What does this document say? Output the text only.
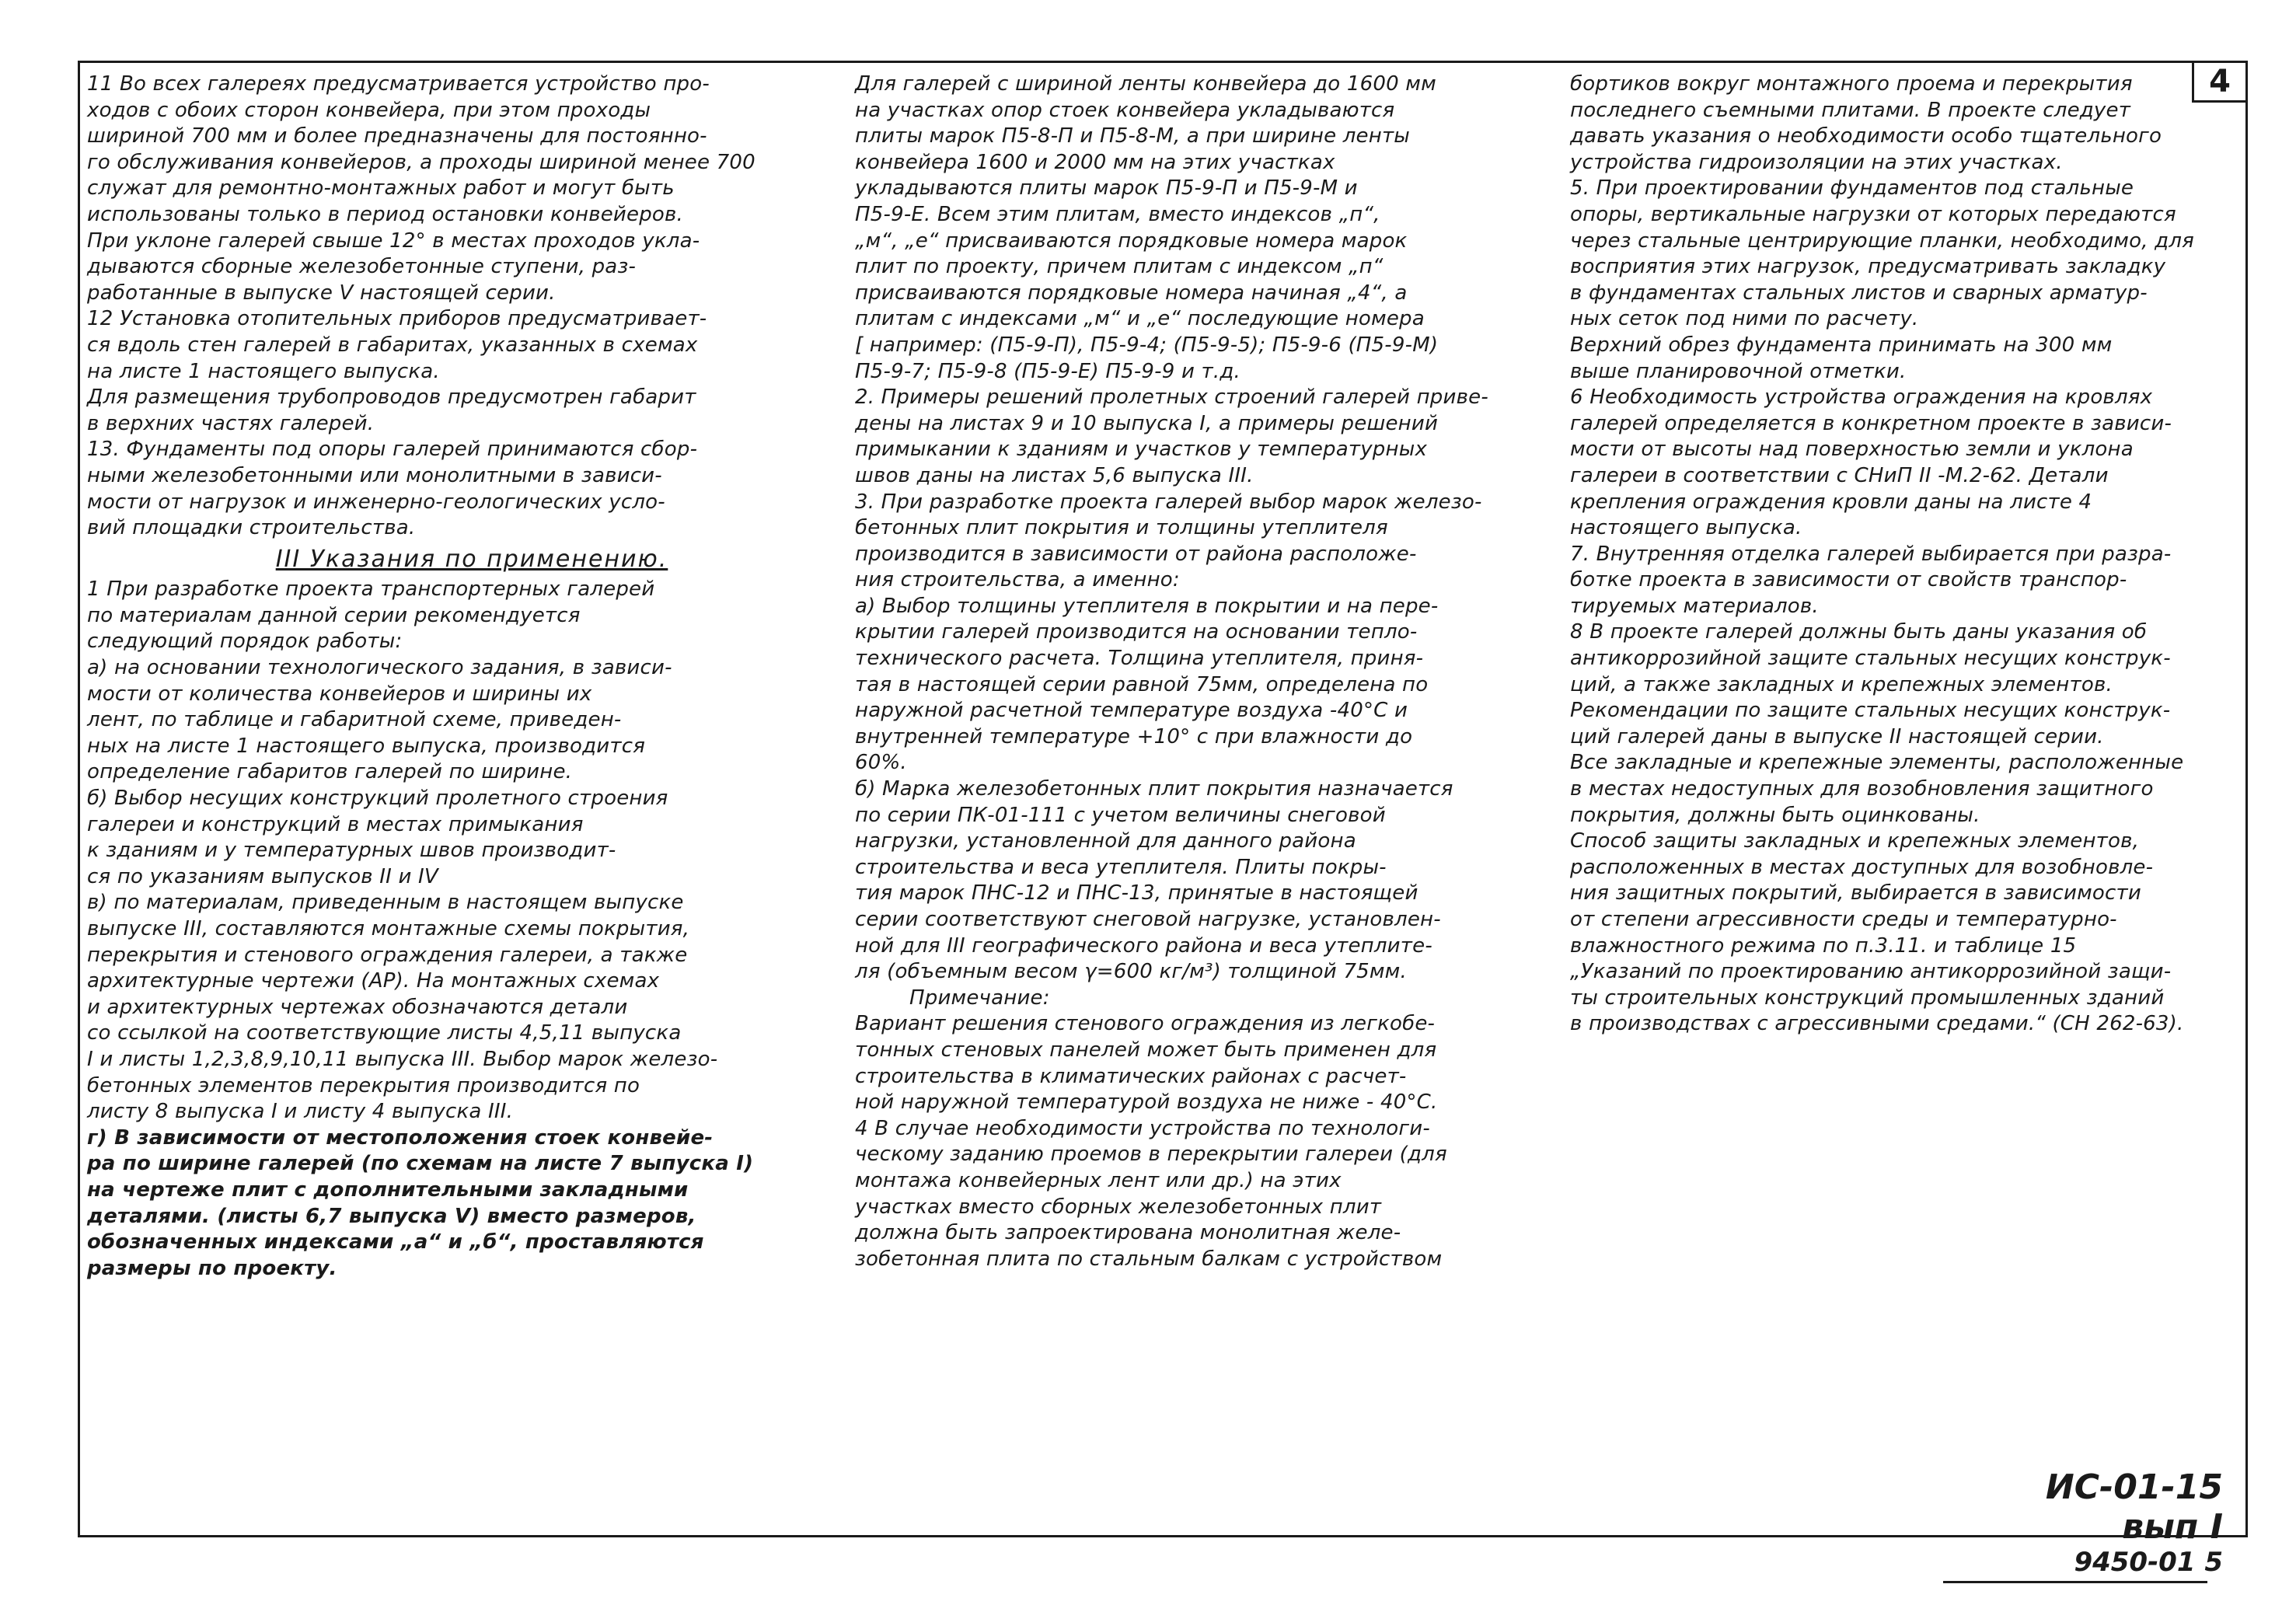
4

11 Во всех галереях предусматривается устройство про-
ходов с обоих сторон конвейера, при этом проходы
шириной 700 мм и более предназначены для постоянно-
го обслуживания конвейеров, а проходы шириной менее 700
служат для ремонтно-монтажных работ и могут быть
использованы только в период остановки конвейеров.
При уклоне галерей свыше 12° в местах проходов укла-
дываются сборные железобетонные ступени, раз-
работанные в выпуске V настоящей серии.

12 Установка отопительных приборов предусматривает-
ся вдоль стен галерей в габаритах, указанных в схемах
на листе 1 настоящего выпуска.
Для размещения трубопроводов предусмотрен габарит
в верхних частях галерей.

13. Фундаменты под опоры галерей принимаются сбор-
ными железобетонными или монолитными в зависи-
мости от нагрузок и инженерно-геологических усло-
вий площадки строительства.

III Указания по применению.

1 При разработке проекта транспортерных галерей
по материалам данной серии рекомендуется
следующий порядок работы:

а) на основании технологического задания, в зависи-
мости от количества конвейеров и ширины их
лент, по таблице и габаритной схеме, приведен-
ных на листе 1 настоящего выпуска, производится
определение габаритов галерей по ширине.

б) Выбор несущих конструкций пролетного строения
галереи и конструкций в местах примыкания
к зданиям и у температурных швов производит-
ся по указаниям выпусков II и IV

в) по материалам, приведенным в настоящем выпуске
выпуске III, составляются монтажные схемы покрытия,
перекрытия и стенового ограждения галереи, а также
архитектурные чертежи (АР). На монтажных схемах
и архитектурных чертежах обозначаются детали
со ссылкой на соответствующие листы 4,5,11 выпуска
I и листы 1,2,3,8,9,10,11 выпуска III. Выбор марок железо-
бетонных элементов перекрытия производится по
листу 8 выпуска I и листу 4 выпуска III.

г) В зависимости от местоположения стоек конвейе-
ра по ширине галерей (по схемам на листе 7 выпуска I)
на чертеже плит с дополнительными закладными
деталями. (листы 6,7 выпуска V) вместо размеров,
обозначенных индексами „а“ и „б“, проставляются
размеры по проекту.

Для галерей с шириной ленты конвейера до 1600 мм
на участках опор стоек конвейера укладываются
плиты марок П5-8-П и П5-8-М, а при ширине ленты
конвейера 1600 и 2000 мм на этих участках
укладываются плиты марок П5-9-П и П5-9-М и
П5-9-Е. Всем этим плитам, вместо индексов „п“,
„м“, „е“ присваиваются порядковые номера марок
плит по проекту, причем плитам с индексом „п“
присваиваются порядковые номера начиная „4“, а
плитам с индексами „м“ и „е“ последующие номера
[ например: (П5-9-П), П5-9-4; (П5-9-5); П5-9-6 (П5-9-М)
П5-9-7; П5-9-8 (П5-9-Е) П5-9-9 и т.д.

2. Примеры решений пролетных строений галерей приве-
дены на листах 9 и 10 выпуска I, а примеры решений
примыкании к зданиям и участков у температурных
швов даны на листах 5,6 выпуска III.

3. При разработке проекта галерей выбор марок железо-
бетонных плит покрытия и толщины утеплителя
производится в зависимости от района расположе-
ния строительства, а именно:

а) Выбор толщины утеплителя в покрытии и на пере-
крытии галерей производится на основании тепло-
технического расчета. Толщина утеплителя, приня-
тая в настоящей серии равной 75мм, определена по
наружной расчетной температуре воздуха -40°С и
внутренней температуре +10° с при влажности до
60%.

б) Марка железобетонных плит покрытия назначается
по серии ПК-01-111 с учетом величины снеговой
нагрузки, установленной для данного района
строительства и веса утеплителя. Плиты покры-
тия марок ПНС-12 и ПНС-13, принятые в настоящей
серии соответствуют снеговой нагрузке, установлен-
ной для III географического района и веса утеплите-
ля (объемным весом γ=600 кг/м³) толщиной 75мм.

Примечание:

Вариант решения стенового ограждения из легкобе-
тонных стеновых панелей может быть применен для
строительства в климатических районах с расчет-
ной наружной температурой воздуха не ниже - 40°С.

4 В случае необходимости устройства по технологи-
ческому заданию проемов в перекрытии галереи (для
монтажа конвейерных лент или др.) на этих
участках вместо сборных железобетонных плит
должна быть запроектирована монолитная желе-
зобетонная плита по стальным балкам с устройством

бортиков вокруг монтажного проема и перекрытия
последнего съемными плитами. В проекте следует
давать указания о необходимости особо тщательного
устройства гидроизоляции на этих участках.

5. При проектировании фундаментов под стальные
опоры, вертикальные нагрузки от которых передаются
через стальные центрирующие планки, необходимо, для
восприятия этих нагрузок, предусматривать закладку
в фундаментах стальных листов и сварных арматур-
ных сеток под ними по расчету.
Верхний обрез фундамента принимать на 300 мм
выше планировочной отметки.

6 Необходимость устройства ограждения на кровлях
галерей определяется в конкретном проекте в зависи-
мости от высоты над поверхностью земли и уклона
галереи в соответствии с СНиП II -М.2-62. Детали
крепления ограждения кровли даны на листе 4
настоящего выпуска.

7. Внутренняя отделка галерей выбирается при разра-
ботке проекта в зависимости от свойств транспор-
тируемых материалов.

8 В проекте галерей должны быть даны указания об
антикоррозийной защите стальных несущих конструк-
ций, а также закладных и крепежных элементов.
Рекомендации по защите стальных несущих конструк-
ций галерей даны в выпуске II настоящей серии.
Все закладные и крепежные элементы, расположенные
в местах недоступных для возобновления защитного
покрытия, должны быть оцинкованы.
Способ защиты закладных и крепежных элементов,
расположенных в местах доступных для возобновле-
ния защитных покрытий, выбирается в зависимости
от степени агрессивности среды и температурно-
влажностного режима по п.3.11. и таблице 15
„Указаний по проектированию антикоррозийной защи-
ты строительных конструкций промышленных зданий
в производствах с агрессивными средами.“ (СН 262-63).

ИС-01-15 вып I
9450-01 5
